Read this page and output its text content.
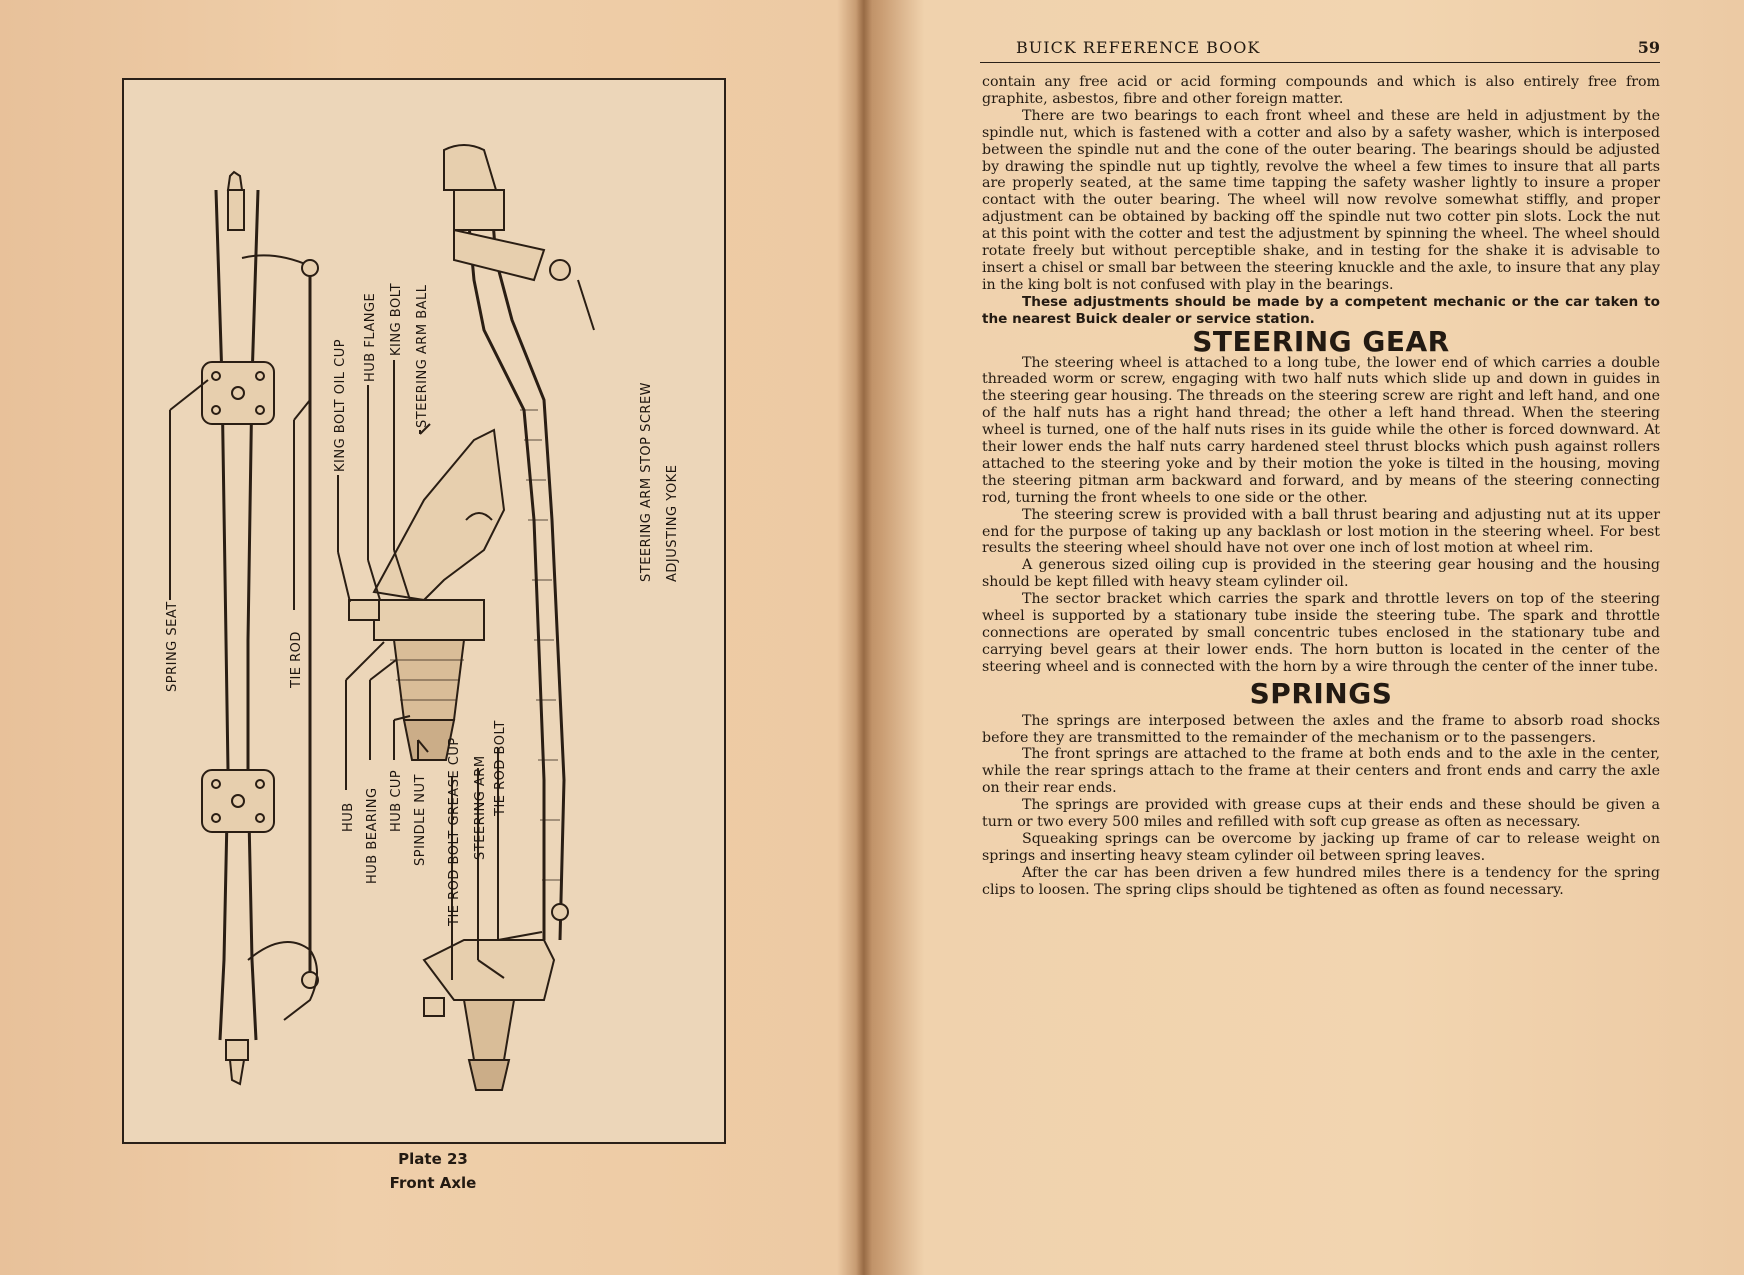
SPRING SEAT	TIE ROD
KING BOLT OIL CUP
HUB FLANGE KING BOLT STEERING ARM BALL
STEERING ARM STOP SCREW ADJUSTING YOKE
HUB HUB BEARING HUB CUP SPINDLE NUT TIE ROD BOLT GREASE CUP STEERING ARM TIE ROD BOLT
Plate 23
Front Axle
BUICK REFERENCE BOOK	59

contain any free acid or acid forming compounds and which is also entirely free from graphite, asbestos, fibre and other foreign matter.

There are two bearings to each front wheel and these are held in adjustment by the spindle nut, which is fastened with a cotter and also by a safety washer, which is interposed between the spindle nut and the cone of the outer bearing. The bearings should be adjusted by drawing the spindle nut up tightly, revolve the wheel a few times to insure that all parts are properly seated, at the same time tapping the safety washer lightly to insure a proper contact with the outer bearing. The wheel will now revolve somewhat stiffly, and proper adjustment can be obtained by backing off the spindle nut two cotter pin slots. Lock the nut at this point with the cotter and test the adjustment by spinning the wheel. The wheel should rotate freely but without perceptible shake, and in testing for the shake it is advisable to insert a chisel or small bar between the steering knuckle and the axle, to insure that any play in the king bolt is not confused with play in the bearings.

These adjustments should be made by a competent mechanic or the car taken to the nearest Buick dealer or service station.

STEERING GEAR

The steering wheel is attached to a long tube, the lower end of which carries a double threaded worm or screw, engaging with two half nuts which slide up and down in guides in the steering gear housing. The threads on the steering screw are right and left hand, and one of the half nuts has a right hand thread; the other a left hand thread. When the steering wheel is turned, one of the half nuts rises in its guide while the other is forced downward. At their lower ends the half nuts carry hardened steel thrust blocks which push against rollers attached to the steering yoke and by their motion the yoke is tilted in the housing, moving the steering pitman arm backward and forward, and by means of the steering connecting rod, turning the front wheels to one side or the other.

The steering screw is provided with a ball thrust bearing and adjusting nut at its upper end for the purpose of taking up any backlash or lost motion in the steering wheel. For best results the steering wheel should have not over one inch of lost motion at wheel rim.

A generous sized oiling cup is provided in the steering gear housing and the housing should be kept filled with heavy steam cylinder oil.

The sector bracket which carries the spark and throttle levers on top of the steering wheel is supported by a stationary tube inside the steering tube. The spark and throttle connections are operated by small concentric tubes enclosed in the stationary tube and carrying bevel gears at their lower ends. The horn button is located in the center of the steering wheel and is connected with the horn by a wire through the center of the inner tube.

SPRINGS

The springs are interposed between the axles and the frame to absorb road shocks before they are transmitted to the remainder of the mechanism or to the passengers.

The front springs are attached to the frame at both ends and to the axle in the center, while the rear springs attach to the frame at their centers and front ends and carry the axle on their rear ends.

The springs are provided with grease cups at their ends and these should be given a turn or two every 500 miles and refilled with soft cup grease as often as necessary.

Squeaking springs can be overcome by jacking up frame of car to release weight on springs and inserting heavy steam cylinder oil between spring leaves.

After the car has been driven a few hundred miles there is a tendency for the spring clips to loosen. The spring clips should be tightened as often as found necessary.
